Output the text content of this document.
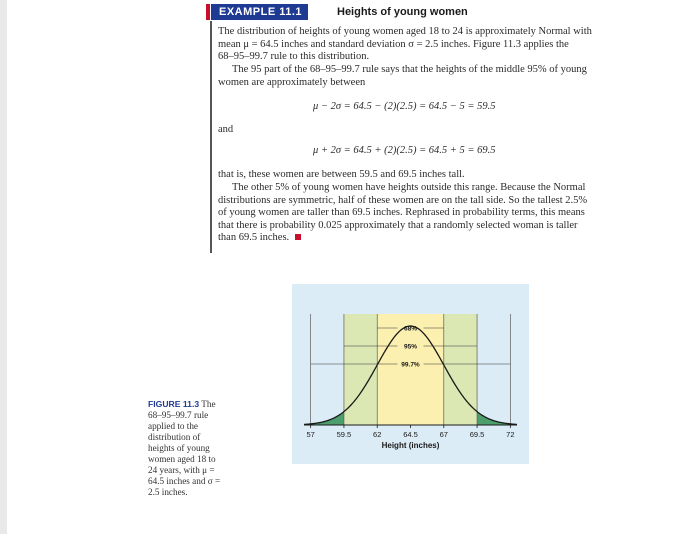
EXAMPLE 11.1	Heights of young women
The distribution of heights of young women aged 18 to 24 is approximately Normal with
mean μ = 64.5 inches and standard deviation σ = 2.5 inches. Figure 11.3 applies the
68–95–99.7 rule to this distribution.
The 95 part of the 68–95–99.7 rule says that the heights of the middle 95% of young
women are approximately between
μ − 2σ = 64.5 − (2)(2.5) = 64.5 − 5 = 59.5
and
μ + 2σ = 64.5 + (2)(2.5) = 64.5 + 5 = 69.5
that is, these women are between 59.5 and 69.5 inches tall.
The other 5% of young women have heights outside this range. Because the Normal
distributions are symmetric, half of these women are on the tall side. So the tallest 2.5%
of young women are taller than 69.5 inches. Rephrased in probability terms, this means
that there is probability 0.025 approximately that a randomly selected woman is taller
than 69.5 inches.
FIGURE 11.3 The 68–95–99.7 rule applied to the distribution of heights of young women aged 18 to 24 years, with μ = 64.5 inches and σ = 2.5 inches.
68%
95%
99.7%
57	59.5	62	64.5	67	69.5	72
Height (inches)
